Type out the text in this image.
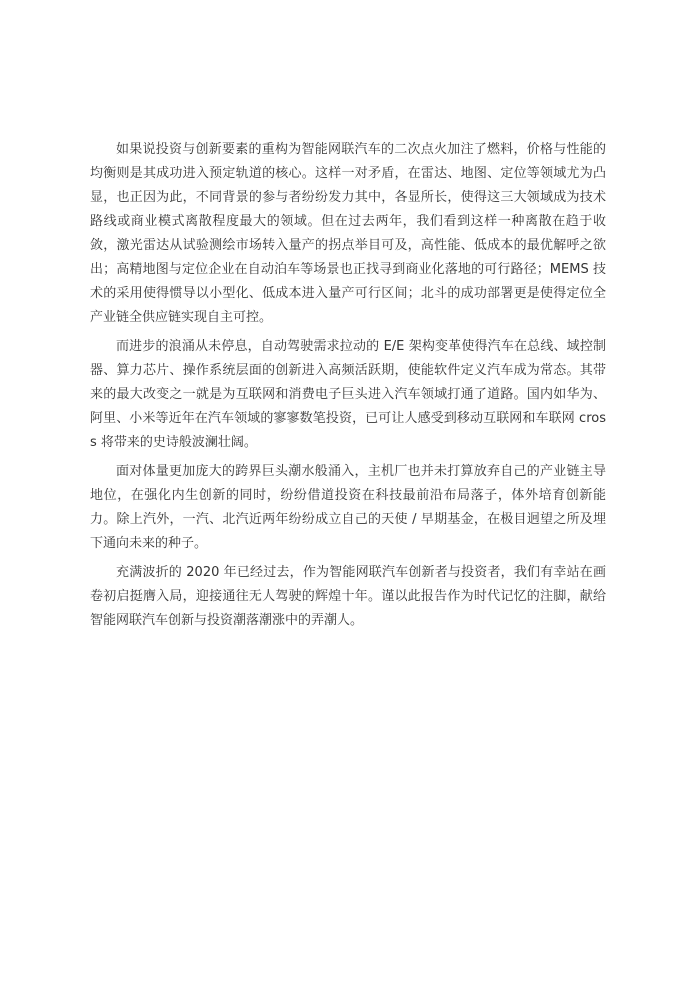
如果说投资与创新要素的重构为智能网联汽车的二次点火加注了燃料，价格与性能的均衡则是其成功进入预定轨道的核心。这样一对矛盾，在雷达、地图、定位等领域尤为凸显，也正因为此，不同背景的参与者纷纷发力其中，各显所长，使得这三大领域成为技术路线或商业模式离散程度最大的领域。但在过去两年，我们看到这样一种离散在趋于收敛，激光雷达从试验测绘市场转入量产的拐点举目可及，高性能、低成本的最优解呼之欲出；高精地图与定位企业在自动泊车等场景也正找寻到商业化落地的可行路径；MEMS 技术的采用使得惯导以小型化、低成本进入量产可行区间；北斗的成功部署更是使得定位全产业链全供应链实现自主可控。

而进步的浪涌从未停息，自动驾驶需求拉动的 E/E 架构变革使得汽车在总线、域控制器、算力芯片、操作系统层面的创新进入高频活跃期，使能软件定义汽车成为常态。其带来的最大改变之一就是为互联网和消费电子巨头进入汽车领域打通了道路。国内如华为、阿里、小米等近年在汽车领域的寥寥数笔投资，已可让人感受到移动互联网和车联网 cross 将带来的史诗般波澜壮阔。

面对体量更加庞大的跨界巨头潮水般涌入，主机厂也并未打算放弃自己的产业链主导地位，在强化内生创新的同时，纷纷借道投资在科技最前沿布局落子，体外培育创新能力。除上汽外，一汽、北汽近两年纷纷成立自己的天使 / 早期基金，在极目迥望之所及埋下通向未来的种子。

充满波折的 2020 年已经过去，作为智能网联汽车创新者与投资者，我们有幸站在画卷初启挺膺入局，迎接通往无人驾驶的辉煌十年。谨以此报告作为时代记忆的注脚，献给智能网联汽车创新与投资潮落潮涨中的弄潮人。
